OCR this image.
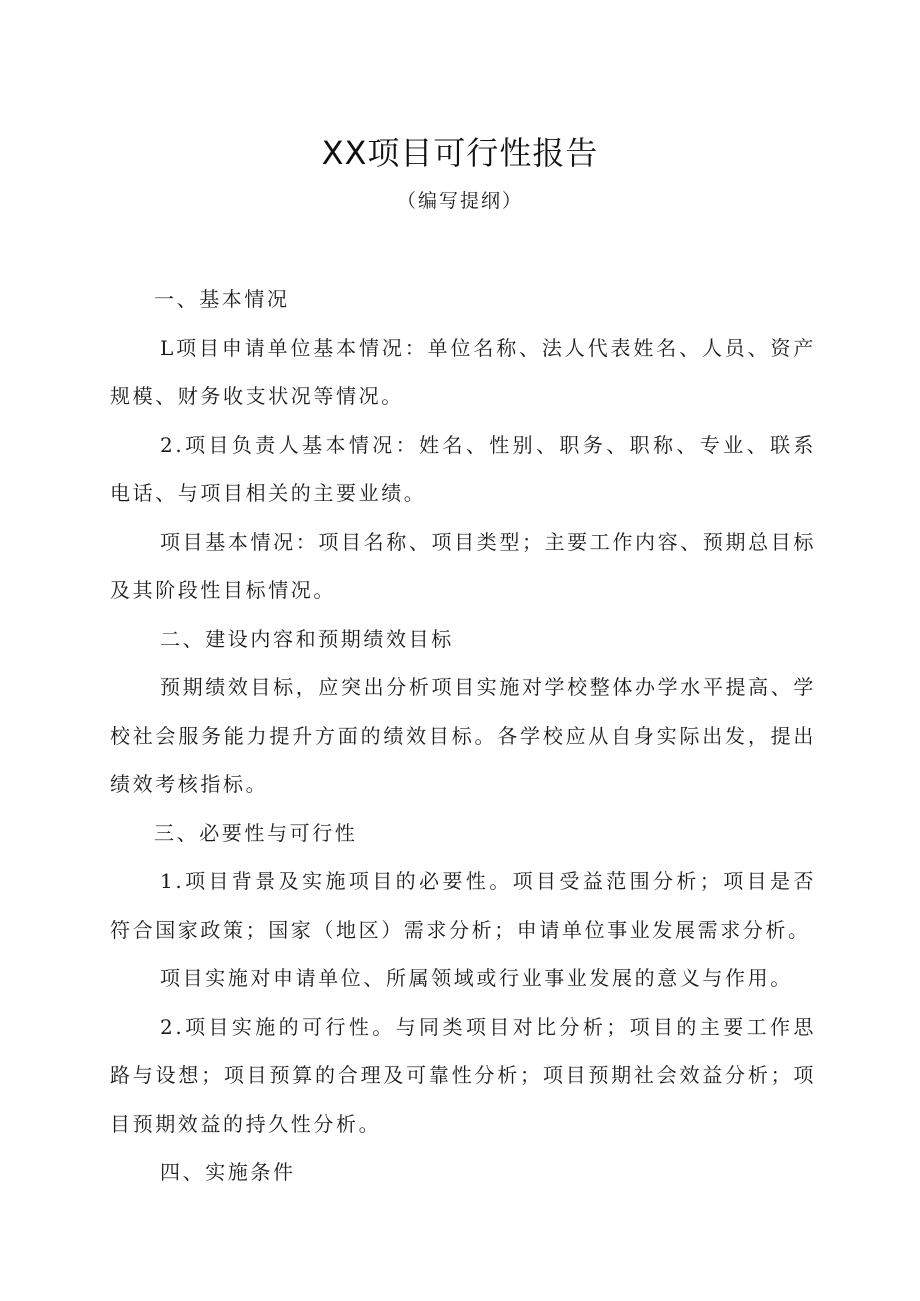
XX项目可行性报告
（编写提纲）

一、基本情况

L项目申请单位基本情况：单位名称、法人代表姓名、人员、资产规模、财务收支状况等情况。

2.项目负责人基本情况：姓名、性别、职务、职称、专业、联系电话、与项目相关的主要业绩。

项目基本情况：项目名称、项目类型；主要工作内容、预期总目标及其阶段性目标情况。

二、建设内容和预期绩效目标

预期绩效目标，应突出分析项目实施对学校整体办学水平提高、学校社会服务能力提升方面的绩效目标。各学校应从自身实际出发，提出绩效考核指标。

三、必要性与可行性

1.项目背景及实施项目的必要性。项目受益范围分析；项目是否符合国家政策；国家（地区）需求分析；申请单位事业发展需求分析。

项目实施对申请单位、所属领域或行业事业发展的意义与作用。

2.项目实施的可行性。与同类项目对比分析；项目的主要工作思路与设想；项目预算的合理及可靠性分析；项目预期社会效益分析；项目预期效益的持久性分析。

四、实施条件
